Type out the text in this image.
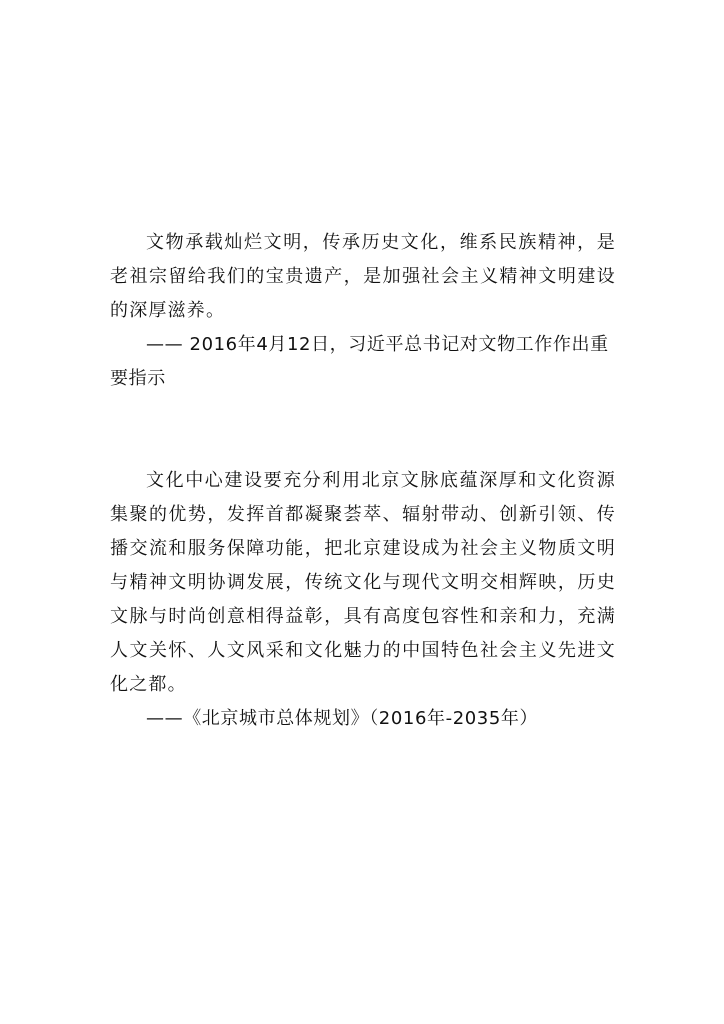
文物承载灿烂文明，传承历史文化，维系民族精神，是老祖宗留给我们的宝贵遗产，是加强社会主义精神文明建设的深厚滋养。

—— 2016年4月12日，习近平总书记对文物工作作出重要指示

文化中心建设要充分利用北京文脉底蕴深厚和文化资源集聚的优势，发挥首都凝聚荟萃、辐射带动、创新引领、传播交流和服务保障功能，把北京建设成为社会主义物质文明与精神文明协调发展，传统文化与现代文明交相辉映，历史文脉与时尚创意相得益彰，具有高度包容性和亲和力，充满人文关怀、人文风采和文化魅力的中国特色社会主义先进文化之都。

——《北京城市总体规划》（2016年-2035年）
